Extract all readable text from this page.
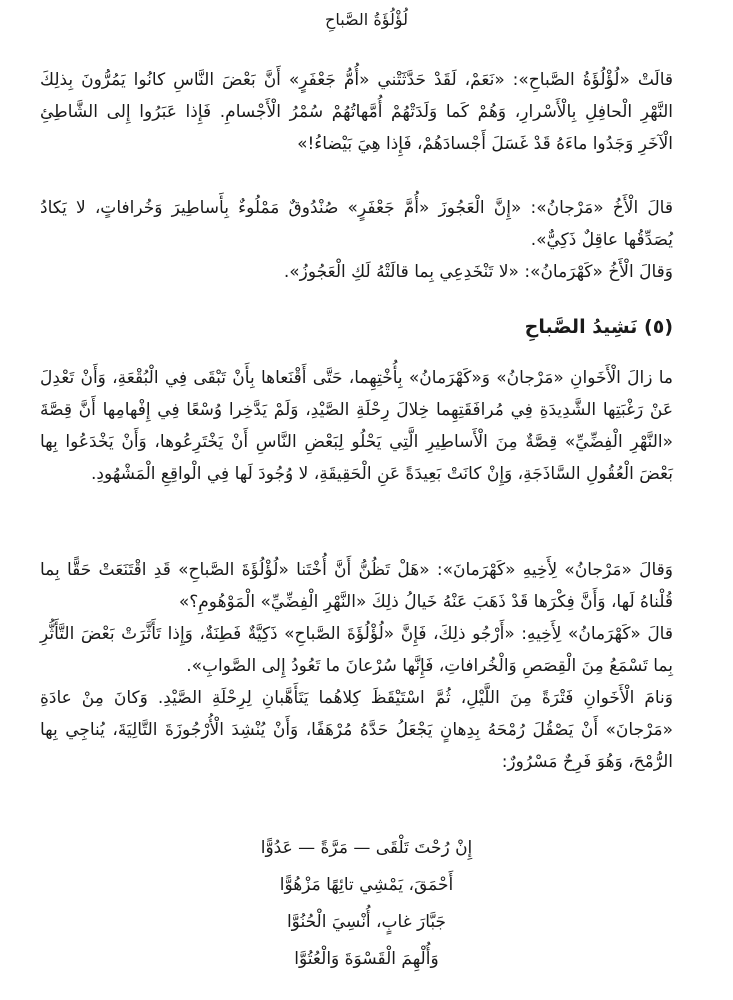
لُؤْلُؤَةُ الصَّباحِ

قالَتْ «لُؤْلُؤَةُ الصَّباحِ»: «نَعَمْ، لَقَدْ حَدَّثَتْني «أُمُّ جَعْفَرٍ» أَنَّ بَعْضَ النَّاسِ كانُوا يَمُرُّونَ بِذلِكَ النَّهْرِ الْحافِلِ بِالْأَسْرارِ، وَهُمْ كَما وَلَدَتْهُمْ أُمَّهاتُهُمْ سُمْرُ الْأَجْسامِ. فَإِذا عَبَرُوا إِلى الشَّاطِئِ الْآخَرِ وَجَدُوا ماءَهُ قَدْ غَسَلَ أَجْسادَهُمْ، فَإِذا هِيَ بَيْضاءُ!»

قالَ الْأَخُ «مَرْجانُ»: «إِنَّ الْعَجُوزَ «أُمَّ جَعْفَرٍ» صُنْدُوقٌ مَمْلُوءٌ بِأَساطِيرَ وَخُرافاتٍ، لا يَكادُ يُصَدِّقُها عاقِلٌ ذَكِيٌّ».

وَقالَ الْأَخُ «كَهْرَمانُ»: «لا تَنْخَدِعِي بِما قالَتْهُ لَكِ الْعَجُوزُ».

(٥) نَشِيدُ الصَّباحِ

ما زالَ الْأَخَوانِ «مَرْجانُ» وَ«كَهْرَمانُ» بِأُخْتِهِما، حَتَّى أَقْنَعاها بِأَنْ تَبْقَى فِي الْبُقْعَةِ، وَأَنْ تَعْدِلَ عَنْ رَغْبَتِها الشَّدِيدَةِ فِي مُرافَقَتِهِما خِلالَ رِحْلَةِ الصَّيْدِ، وَلَمْ يَدَّخِرا وُسْعًا فِي إِفْهامِها أَنَّ قِصَّةَ «النَّهْرِ الْفِضِّيِّ» قِصَّةٌ مِنَ الْأَساطِيرِ الَّتِي يَحْلُو لِبَعْضِ النَّاسِ أَنْ يَخْتَرِعُوها، وَأَنْ يَخْدَعُوا بِها بَعْضَ الْعُقُولِ السَّاذَجَةِ، وَإِنْ كانَتْ بَعِيدَةً عَنِ الْحَقِيقَةِ، لا وُجُودَ لَها فِي الْواقِعِ الْمَشْهُودِ.

وَقالَ «مَرْجانُ» لِأَخِيهِ «كَهْرَمانَ»: «هَلْ تَظُنُّ أَنَّ أُخْتَنا «لُؤْلُؤَةَ الصَّباحِ» قَدِ اقْتَنَعَتْ حَقًّا بِما قُلْناهُ لَها، وَأَنَّ فِكْرَها قَدْ ذَهَبَ عَنْهُ خَيالُ ذلِكَ «النَّهْرِ الْفِضِّيِّ» الْمَوْهُومِ؟»

قالَ «كَهْرَمانُ» لِأَخِيهِ: «أَرْجُو ذلِكَ، فَإِنَّ «لُؤْلُؤَةَ الصَّباحِ» ذَكِيَّةٌ فَطِنَةٌ، وَإِذا تَأَثَّرَتْ بَعْضَ التَّأَثُّرِ بِما تَسْمَعُ مِنَ الْقِصَصِ وَالْخُرافاتِ، فَإِنَّها سُرْعانَ ما تَعُودُ إِلى الصَّوابِ».

وَنامَ الْأَخَوانِ فَتْرَةً مِنَ اللَّيْلِ، ثُمَّ اسْتَيْقَظَ كِلاهُما يَتَأَهَّبانِ لِرِحْلَةِ الصَّيْدِ. وَكانَ مِنْ عادَةِ «مَرْجانَ» أَنْ يَصْقُلَ رُمْحَهُ بِدِهانٍ يَجْعَلُ حَدَّهُ مُرْهَفًا، وَأَنْ يُنْشِدَ الْأُرْجُوزَةَ التَّالِيَةَ، يُناجِي بِها الرُّمْحَ، وَهُوَ فَرِحٌ مَسْرُورٌ:

إِنْ رُحْتَ تَلْقَى — مَرَّةً — عَدُوًّا
أَحْمَقَ، يَمْشِي تائِهًا مَزْهُوًّا
جَبَّارَ غابٍ، أُنْسِيَ الْحُنُوَّا
وَأُلْهِمَ الْقَسْوَةَ وَالْعُتُوَّا
